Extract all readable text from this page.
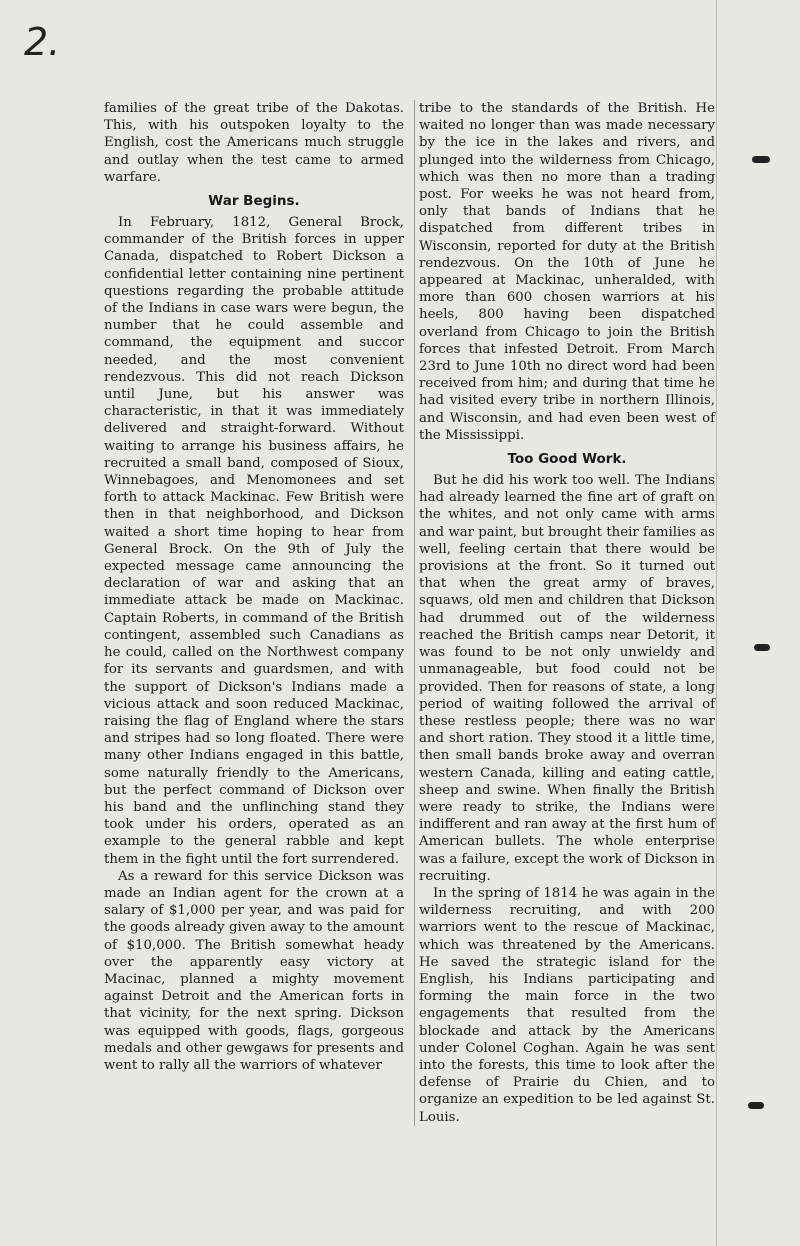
2.

families of the great tribe of the Dakotas. This, with his outspoken loyalty to the English, cost the Americans much struggle and outlay when the test came to armed warfare.

War Begins.

In February, 1812, General Brock, commander of the British forces in upper Canada, dispatched to Robert Dickson a confidential letter containing nine pertinent questions regarding the probable attitude of the Indians in case wars were begun, the number that he could assemble and command, the equipment and succor needed, and the most convenient rendezvous. This did not reach Dickson until June, but his answer was characteristic, in that it was immediately delivered and straight-forward. Without waiting to arrange his business affairs, he recruited a small band, composed of Sioux, Winnebagoes, and Menomonees and set forth to attack Mackinac. Few British were then in that neighborhood, and Dickson waited a short time hoping to hear from General Brock. On the 9th of July the expected message came announcing the declaration of war and asking that an immediate attack be made on Mackinac. Captain Roberts, in command of the British contingent, assembled such Canadians as he could, called on the Northwest company for its servants and guardsmen, and with the support of Dickson's Indians made a vicious attack and soon reduced Mackinac, raising the flag of England where the stars and stripes had so long floated. There were many other Indians engaged in this battle, some naturally friendly to the Americans, but the perfect command of Dickson over his band and the unflinching stand they took under his orders, operated as an example to the general rabble and kept them in the fight until the fort surrendered.

As a reward for this service Dickson was made an Indian agent for the crown at a salary of $1,000 per year, and was paid for the goods already given away to the amount of $10,000. The British somewhat heady over the apparently easy victory at Macinac, planned a mighty movement against Detroit and the American forts in that vicinity, for the next spring. Dickson was equipped with goods, flags, gorgeous medals and other gewgaws for presents and went to rally all the warriors of whatever

tribe to the standards of the British. He waited no longer than was made necessary by the ice in the lakes and rivers, and plunged into the wilderness from Chicago, which was then no more than a trading post. For weeks he was not heard from, only that bands of Indians that he dispatched from different tribes in Wisconsin, reported for duty at the British rendezvous. On the 10th of June he appeared at Mackinac, unheralded, with more than 600 chosen warriors at his heels, 800 having been dispatched overland from Chicago to join the British forces that infested Detroit. From March 23rd to June 10th no direct word had been received from him; and during that time he had visited every tribe in northern Illinois, and Wisconsin, and had even been west of the Mississippi.

Too Good Work.

But he did his work too well. The Indians had already learned the fine art of graft on the whites, and not only came with arms and war paint, but brought their families as well, feeling certain that there would be provisions at the front. So it turned out that when the great army of braves, squaws, old men and children that Dickson had drummed out of the wilderness reached the British camps near Detorit, it was found to be not only unwieldy and unmanageable, but food could not be provided. Then for reasons of state, a long period of waiting followed the arrival of these restless people; there was no war and short ration. They stood it a little time, then small bands broke away and overran western Canada, killing and eating cattle, sheep and swine. When finally the British were ready to strike, the Indians were indifferent and ran away at the first hum of American bullets. The whole enterprise was a failure, except the work of Dickson in recruiting.

In the spring of 1814 he was again in the wilderness recruiting, and with 200 warriors went to the rescue of Mackinac, which was threatened by the Americans. He saved the strategic island for the English, his Indians participating and forming the main force in the two engagements that resulted from the blockade and attack by the Americans under Colonel Coghan. Again he was sent into the forests, this time to look after the defense of Prairie du Chien, and to organize an expedition to be led against St. Louis.
